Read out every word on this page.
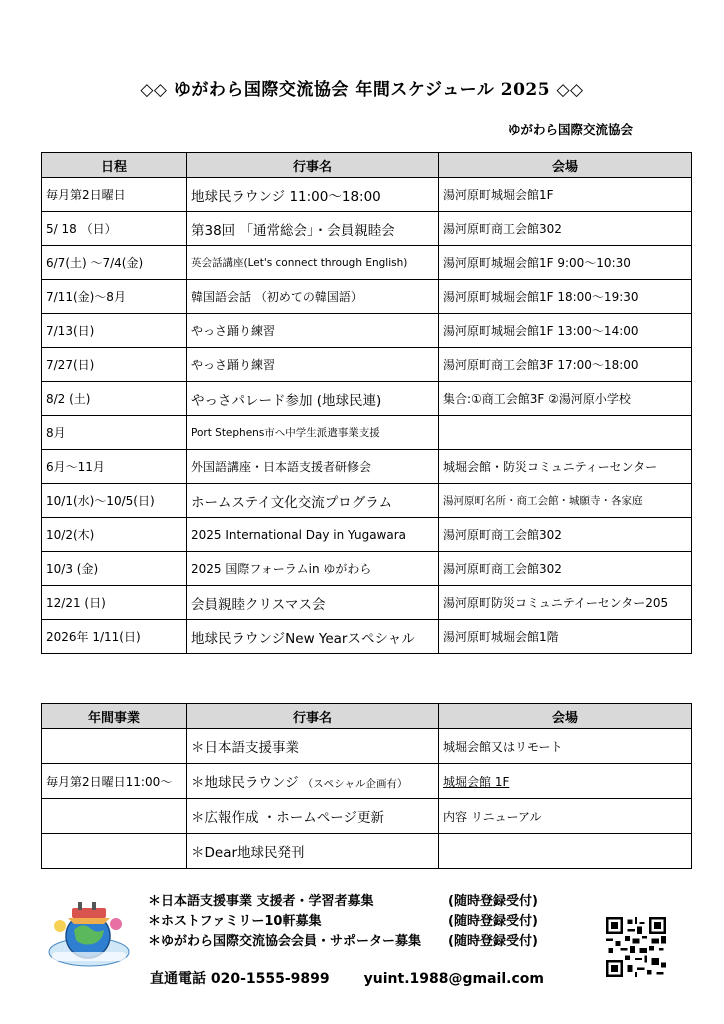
◇◇ ゆがわら国際交流協会 年間スケジュール 2025 ◇◇
ゆがわら国際交流協会
日程	行事名	会場
毎月第2日曜日	地球民ラウンジ 11:00～18:00	湯河原町城堀会館1F
5/ 18 （日）	第38回 「通常総会」・会員親睦会	湯河原町商工会館302
6/7(土) ～7/4(金)	英会話講座(Let's connect through English)	湯河原町城堀会館1F 9:00～10:30
7/11(金)～8月	韓国語会話 （初めての韓国語）	湯河原町城堀会館1F 18:00～19:30
7/13(日)	やっさ踊り練習	湯河原町城堀会館1F 13:00～14:00
7/27(日)	やっさ踊り練習	湯河原町商工会館3F 17:00～18:00
8/2 (土)	やっさパレード参加 (地球民連)	集合:①商工会館3F ②湯河原小学校
8月	Port Stephens市へ中学生派遣事業支援	
6月～11月	外国語講座・日本語支援者研修会	城堀会館・防災コミュニティーセンター
10/1(水)～10/5(日)	ホームステイ文化交流プログラム	湯河原町名所・商工会館・城願寺・各家庭
10/2(木)	2025 International Day in Yugawara	湯河原町商工会館302
10/3 (金)	2025 国際フォーラムin ゆがわら	湯河原町商工会館302
12/21 (日)	会員親睦クリスマス会	湯河原町防災コミュニテイーセンター205
2026年 1/11(日)	地球民ラウンジNew Yearスペシャル	湯河原町城堀会館1階
年間事業	行事名	会場
	＊日本語支援事業	城堀会館又はリモート
毎月第2日曜日11:00～	＊地球民ラウンジ （スペシャル企画有）	城堀会館 1F
	＊広報作成 ・ホームページ更新	内容 リニューアル
	＊Dear地球民発刊	
＊日本語支援事業 支援者・学習者募集	(随時登録受付)
＊ホストファミリー10軒募集	(随時登録受付)
＊ゆがわら国際交流協会会員・サポーター募集	(随時登録受付)
直通電話 020-1555-9899 yuint.1988@gmail.com
